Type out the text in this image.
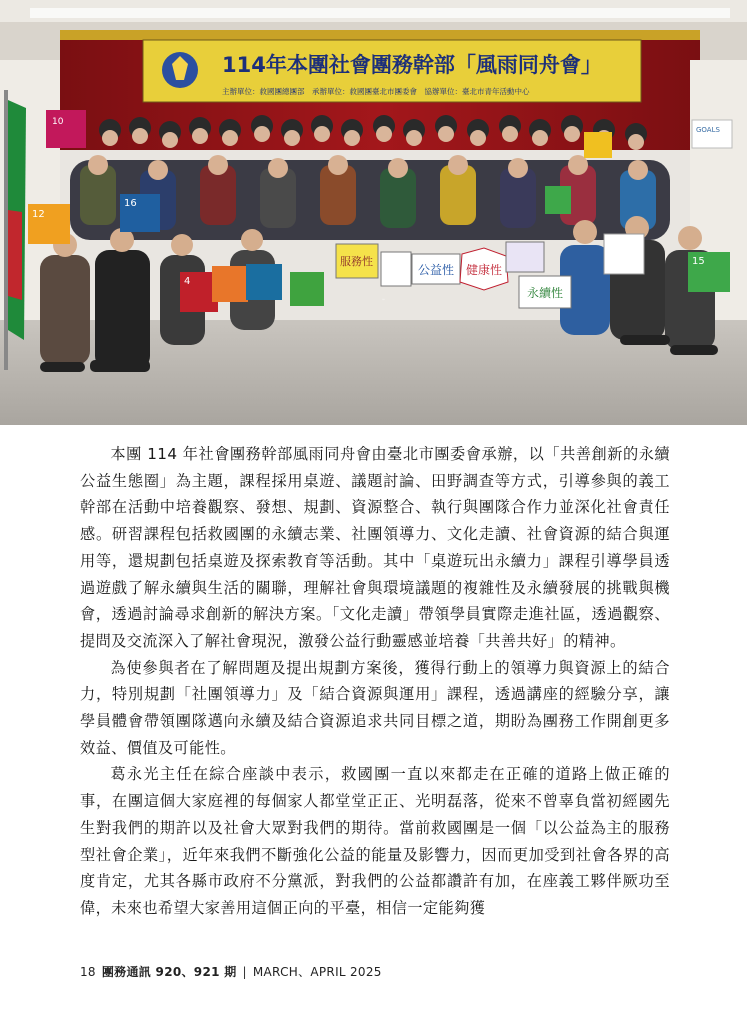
10
GOALS
114年本團社會團務幹部「風雨同舟會」
主辦單位：救國團總團部　承辦單位：救國團臺北市團委會　協辦單位：臺北市青年活動中心
12
16
4
15
永續性
公益性 健康性
服務性
永續性

本團 114 年社會團務幹部風雨同舟會由臺北市團委會承辦，以「共善創新的永續公益生態圈」為主題，課程採用桌遊、議題討論、田野調查等方式，引導參與的義工幹部在活動中培養觀察、發想、規劃、資源整合、執行與團隊合作力並深化社會責任感。研習課程包括救國團的永續志業、社團領導力、文化走讀、社會資源的結合與運用等，還規劃包括桌遊及探索教育等活動。其中「桌遊玩出永續力」課程引導學員透過遊戲了解永續與生活的關聯，理解社會與環境議題的複雜性及永續發展的挑戰與機會，透過討論尋求創新的解決方案。「文化走讀」帶領學員實際走進社區，透過觀察、提問及交流深入了解社會現況，激發公益行動靈感並培養「共善共好」的精神。

為使參與者在了解問題及提出規劃方案後，獲得行動上的領導力與資源上的結合力，特別規劃「社團領導力」及「結合資源與運用」課程，透過講座的經驗分享，讓學員體會帶領團隊邁向永續及結合資源追求共同目標之道，期盼為團務工作開創更多效益、價值及可能性。

葛永光主任在綜合座談中表示，救國團一直以來都走在正確的道路上做正確的事，在團這個大家庭裡的每個家人都堂堂正正、光明磊落，從來不曾辜負當初經國先生對我們的期許以及社會大眾對我們的期待。當前救國團是一個「以公益為主的服務型社會企業」，近年來我們不斷強化公益的能量及影響力，因而更加受到社會各界的高度肯定，尤其各縣市政府不分黨派，對我們的公益都讚許有加，在座義工夥伴厥功至偉，未來也希望大家善用這個正向的平臺，相信一定能夠獲

18 團務通訊 920、921 期 | MARCH、APRIL 2025
